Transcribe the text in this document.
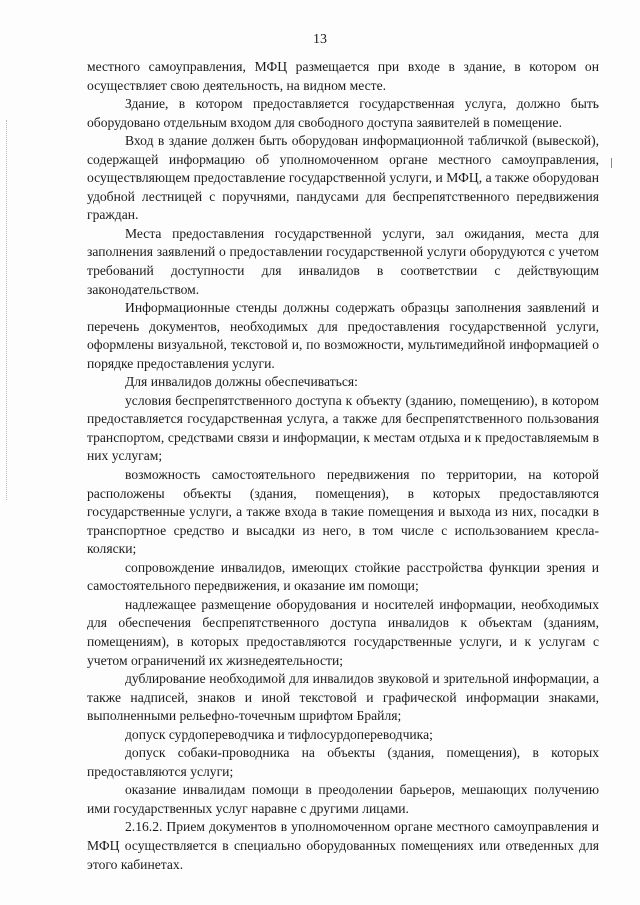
13

местного самоуправления, МФЦ размещается при входе в здание, в котором он осуществляет свою деятельность, на видном месте.

Здание, в котором предоставляется государственная услуга, должно быть оборудовано отдельным входом для свободного доступа заявителей в помещение.

Вход в здание должен быть оборудован информационной табличкой (вывеской), содержащей информацию об уполномоченном органе местного самоуправления, осуществляющем предоставление государственной услуги, и МФЦ, а также оборудован удобной лестницей с поручнями, пандусами для беспрепятственного передвижения граждан.

Места предоставления государственной услуги, зал ожидания, места для заполнения заявлений о предоставлении государственной услуги оборудуются с учетом требований доступности для инвалидов в соответствии с действующим законодательством.

Информационные стенды должны содержать образцы заполнения заявлений и перечень документов, необходимых для предоставления государственной услуги, оформлены визуальной, текстовой и, по возможности, мультимедийной информацией о порядке предоставления услуги.

Для инвалидов должны обеспечиваться:

условия беспрепятственного доступа к объекту (зданию, помещению), в котором предоставляется государственная услуга, а также для беспрепятственного пользования транспортом, средствами связи и информации, к местам отдыха и к предоставляемым в них услугам;

возможность самостоятельного передвижения по территории, на которой расположены объекты (здания, помещения), в которых предоставляются государственные услуги, а также входа в такие помещения и выхода из них, посадки в транспортное средство и высадки из него, в том числе с использованием кресла-коляски;

сопровождение инвалидов, имеющих стойкие расстройства функции зрения и самостоятельного передвижения, и оказание им помощи;

надлежащее размещение оборудования и носителей информации, необходимых для обеспечения беспрепятственного доступа инвалидов к объектам (зданиям, помещениям), в которых предоставляются государственные услуги, и к услугам с учетом ограничений их жизнедеятельности;

дублирование необходимой для инвалидов звуковой и зрительной информации, а также надписей, знаков и иной текстовой и графической информации знаками, выполненными рельефно-точечным шрифтом Брайля;

допуск сурдопереводчика и тифлосурдопереводчика;

допуск собаки-проводника на объекты (здания, помещения), в которых предоставляются услуги;

оказание инвалидам помощи в преодолении барьеров, мешающих получению ими государственных услуг наравне с другими лицами.

2.16.2. Прием документов в уполномоченном органе местного самоуправления и МФЦ осуществляется в специально оборудованных помещениях или отведенных для этого кабинетах.
